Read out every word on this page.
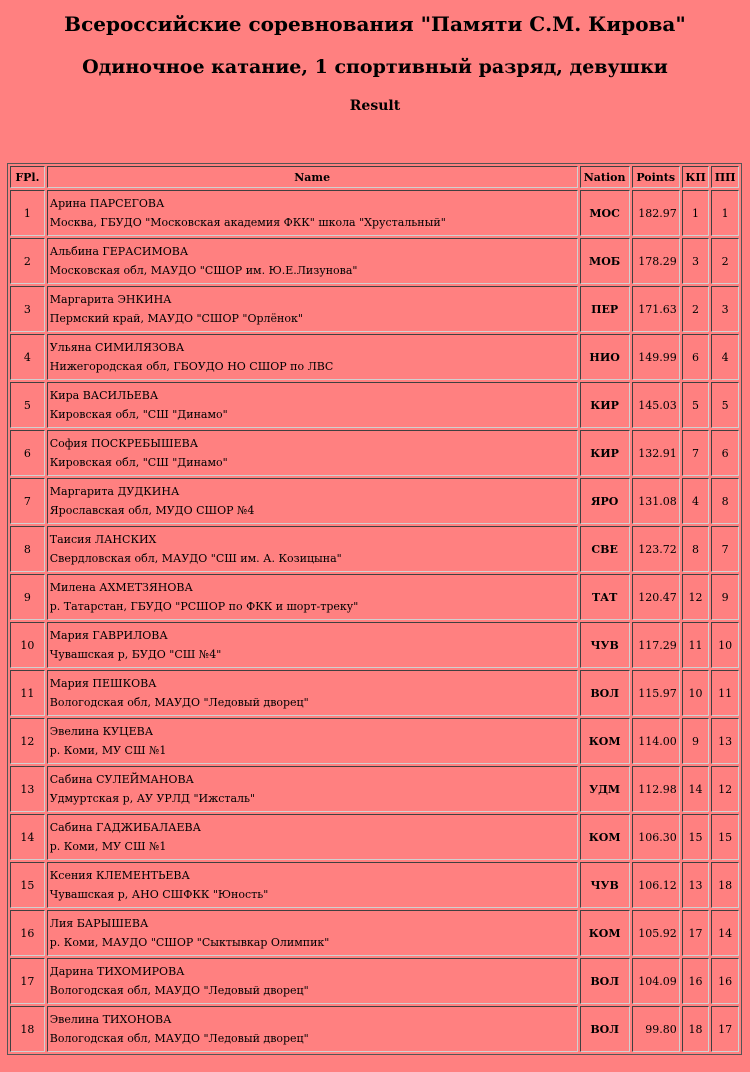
Всероссийские соревнования "Памяти С.М. Кирова"
Одиночное катание, 1 спортивный разряд, девушки
Result
FPl.	Name	Nation	Points	КП	ПП
1	Арина ПАРСЕГОВА
Москва, ГБУДО "Московская академия ФКК" школа "Хрустальный"	МОС	182.97	1	1
2	Альбина ГЕРАСИМОВА
Московская обл, МАУДО "СШОР им. Ю.Е.Лизунова"	МОБ	178.29	3	2
3	Маргарита ЭНКИНА
Пермский край, МАУДО "СШОР "Орлёнок"	ПЕР	171.63	2	3
4	Ульяна СИМИЛЯЗОВА
Нижегородская обл, ГБОУДО НО СШОР по ЛВС	НИО	149.99	6	4
5	Кира ВАСИЛЬЕВА
Кировская обл, "СШ "Динамо"	КИР	145.03	5	5
6	София ПОСКРЕБЫШЕВА
Кировская обл, "СШ "Динамо"	КИР	132.91	7	6
7	Маргарита ДУДКИНА
Ярославская обл, МУДО СШОР №4	ЯРО	131.08	4	8
8	Таисия ЛАНСКИХ
Свердловская обл, МАУДО "СШ им. А. Козицына"	СВЕ	123.72	8	7
9	Милена АХМЕТЗЯНОВА
р. Татарстан, ГБУДО "РСШОР по ФКК и шорт-треку"	ТАТ	120.47	12	9
10	Мария ГАВРИЛОВА
Чувашская р, БУДО "СШ №4"	ЧУВ	117.29	11	10
11	Мария ПЕШКОВА
Вологодская обл, МАУДО "Ледовый дворец"	ВОЛ	115.97	10	11
12	Эвелина КУЦЕВА
р. Коми, МУ СШ №1	КОМ	114.00	9	13
13	Сабина СУЛЕЙМАНОВА
Удмуртская р, АУ УРЛД "Ижсталь"	УДМ	112.98	14	12
14	Сабина ГАДЖИБАЛАЕВА
р. Коми, МУ СШ №1	КОМ	106.30	15	15
15	Ксения КЛЕМЕНТЬЕВА
Чувашская р, АНО СШФКК "Юность"	ЧУВ	106.12	13	18
16	Лия БАРЫШЕВА
р. Коми, МАУДО "СШОР "Сыктывкар Олимпик"	КОМ	105.92	17	14
17	Дарина ТИХОМИРОВА
Вологодская обл, МАУДО "Ледовый дворец"	ВОЛ	104.09	16	16
18	Эвелина ТИХОНОВА
Вологодская обл, МАУДО "Ледовый дворец"	ВОЛ	99.80	18	17
